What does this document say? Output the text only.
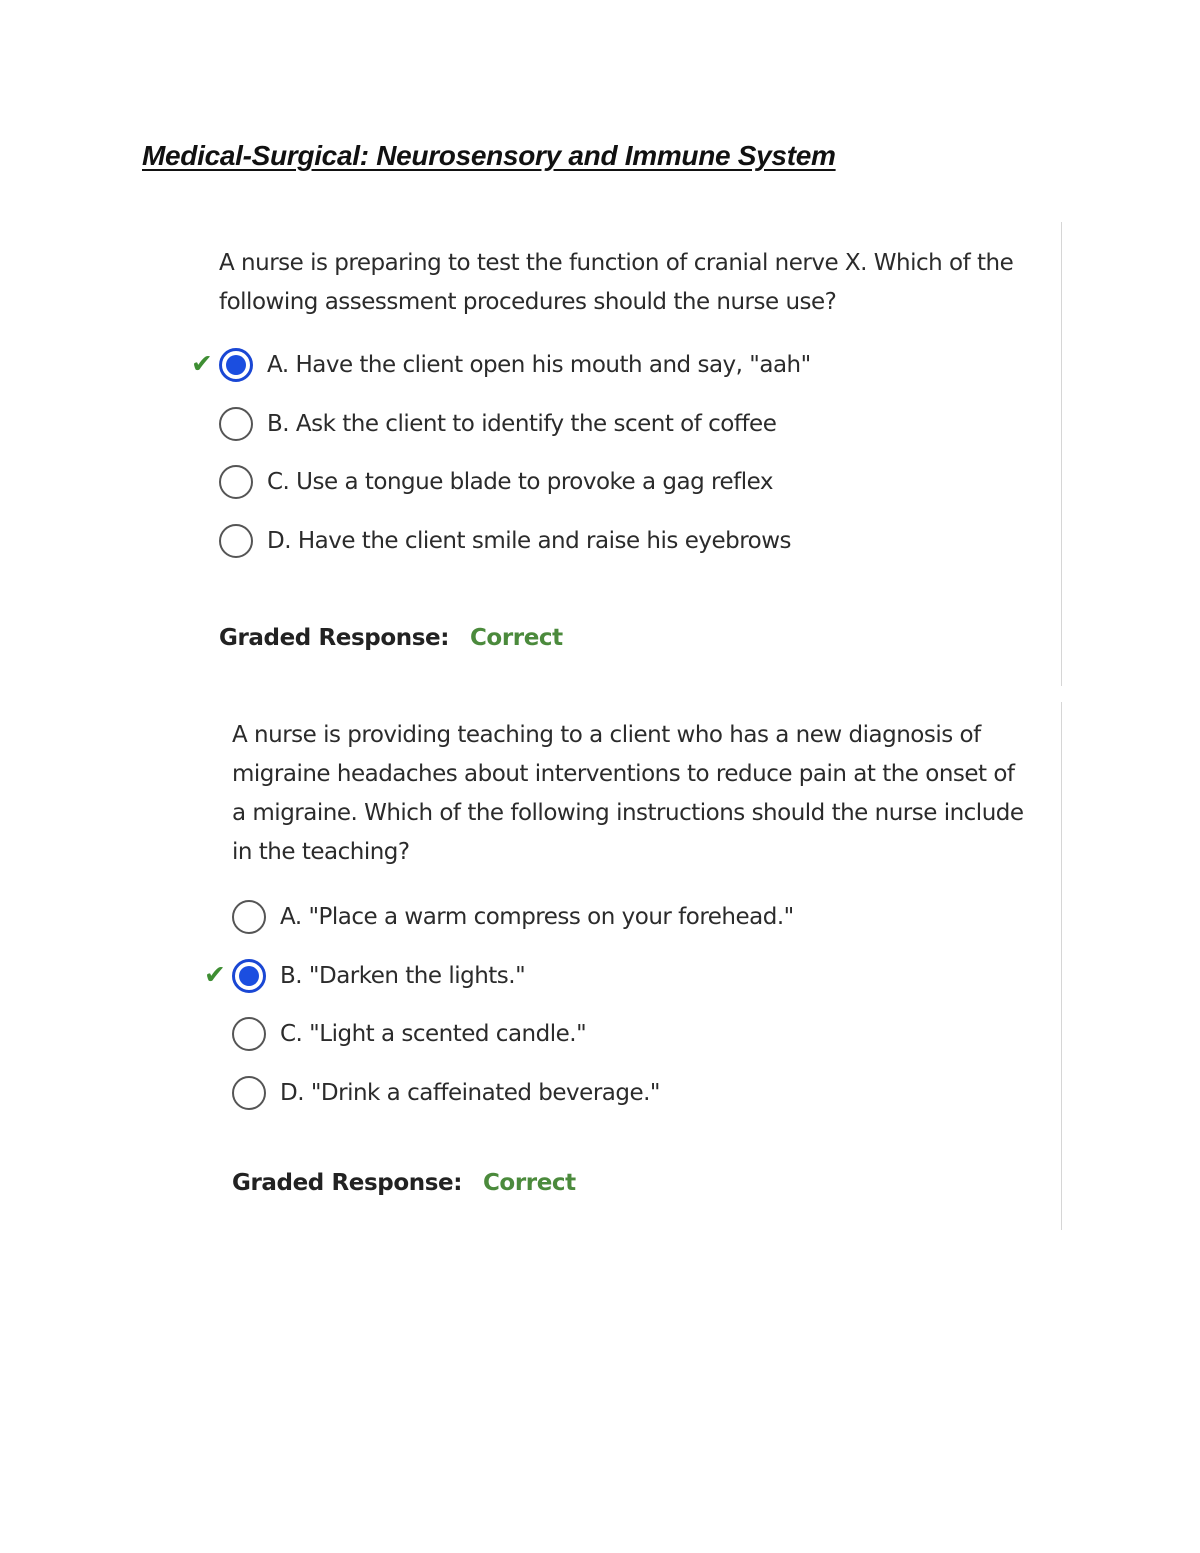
Medical-Surgical: Neurosensory and Immune System

A nurse is preparing to test the function of cranial nerve X. Which of the following assessment procedures should the nurse use?

✔ A. Have the client open his mouth and say, "aah"
B. Ask the client to identify the scent of coffee
C. Use a tongue blade to provoke a gag reflex
D. Have the client smile and raise his eyebrows
Graded Response: Correct

A nurse is providing teaching to a client who has a new diagnosis of migraine headaches about interventions to reduce pain at the onset of a migraine. Which of the following instructions should the nurse include in the teaching?

A. "Place a warm compress on your forehead."
✔ B. "Darken the lights."
C. "Light a scented candle."
D. "Drink a caffeinated beverage."
Graded Response: Correct
